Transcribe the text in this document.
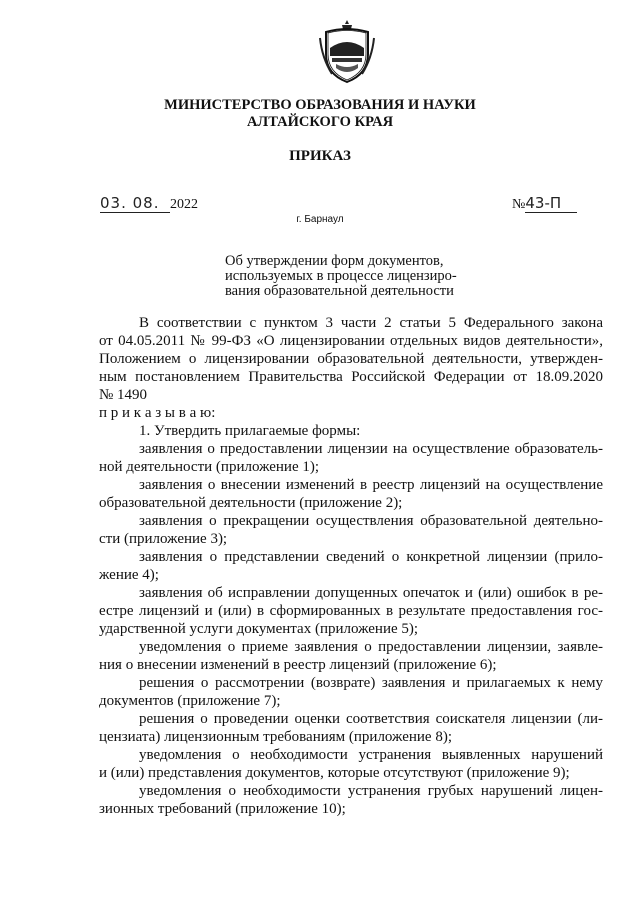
МИНИСТЕРСТВО ОБРАЗОВАНИЯ И НАУКИ
АЛТАЙСКОГО КРАЯ
ПРИКАЗ
03. 08. 2022
г. Барнаул
№43-П
Об утверждении форм документов,
используемых в процессе лицензиро-
вания образовательной деятельности
В соответствии с пунктом 3 части 2 статьи 5 Федерального закона
от 04.05.2011 № 99-ФЗ «О лицензировании отдельных видов деятельности»,
Положением о лицензировании образовательной деятельности, утвержден-
ным постановлением Правительства Российской Федерации от 18.09.2020
№ 1490
п р и к а з ы в а ю:
1. Утвердить прилагаемые формы:
заявления о предоставлении лицензии на осуществление образователь-
ной деятельности (приложение 1);
заявления о внесении изменений в реестр лицензий на осуществление
образовательной деятельности (приложение 2);
заявления о прекращении осуществления образовательной деятельно-
сти (приложение 3);
заявления о представлении сведений о конкретной лицензии (прило-
жение 4);
заявления об исправлении допущенных опечаток и (или) ошибок в ре-
естре лицензий и (или) в сформированных в результате предоставления гос-
ударственной услуги документах (приложение 5);
уведомления о приеме заявления о предоставлении лицензии, заявле-
ния о внесении изменений в реестр лицензий (приложение 6);
решения о рассмотрении (возврате) заявления и прилагаемых к нему
документов (приложение 7);
решения о проведении оценки соответствия соискателя лицензии (ли-
цензиата) лицензионным требованиям (приложение 8);
уведомления о необходимости устранения выявленных нарушений
и (или) представления документов, которые отсутствуют (приложение 9);
уведомления о необходимости устранения грубых нарушений лицен-
зионных требований (приложение 10);
